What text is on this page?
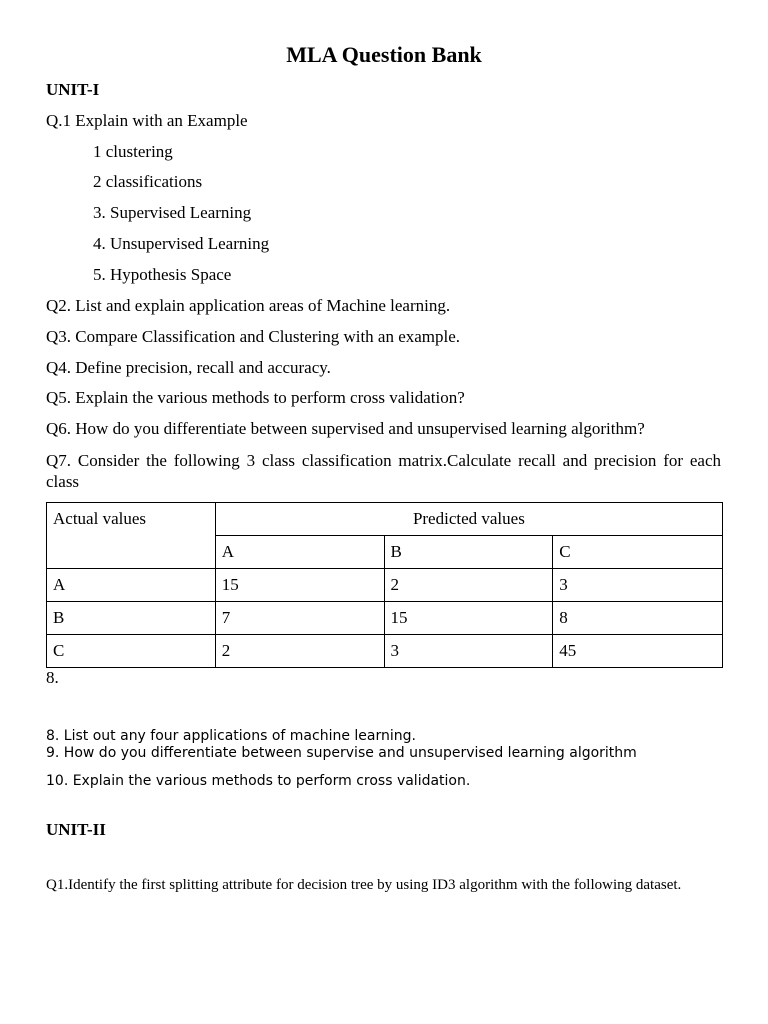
MLA Question Bank
UNIT-I
Q.1 Explain with an Example
1 clustering
2 classifications
3. Supervised Learning
4. Unsupervised Learning
5. Hypothesis Space
Q2. List and explain application areas of Machine learning.
Q3. Compare Classification and Clustering with an example.
Q4. Define precision, recall and accuracy.
Q5. Explain the various methods to perform cross validation?
Q6. How do you differentiate between supervised and unsupervised learning algorithm?
Q7. Consider the following 3 class classification matrix.Calculate recall and precision for each class
Actual values	Predicted values		
	A	B	C
A	15	2	3
B	7	15	8
C	2	3	45
8.
8. List out any four applications of machine learning.
9. How do you differentiate between supervise and unsupervised learning algorithm
10. Explain the various methods to perform cross validation.
UNIT-II
Q1.Identify the first splitting attribute for decision tree by using ID3 algorithm with the following dataset.
